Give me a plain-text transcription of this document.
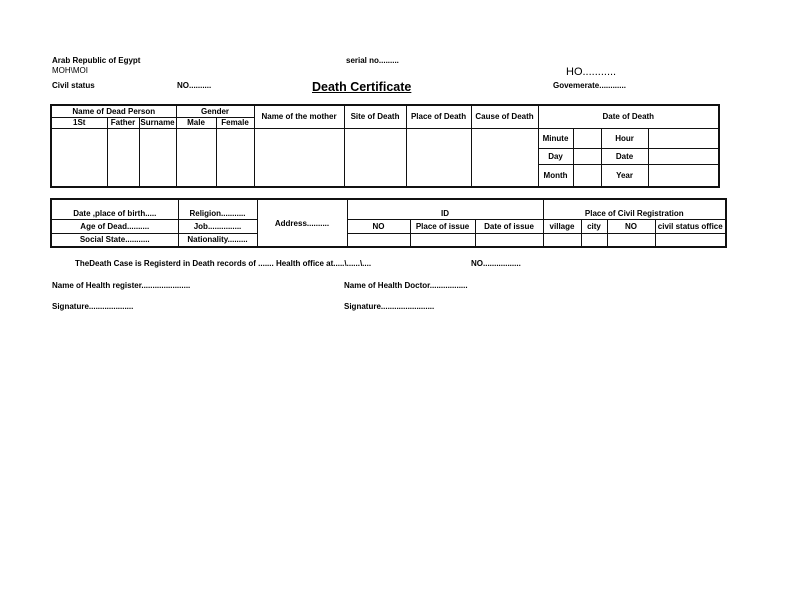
Arab Republic of Egypt
MOH\MOI
serial no.........
HO...........
Civil status	NO..........	Death Certificate	Govemerate............
Name of Dead Person			Gender		Name of the mother	Site of Death	Place of Death	Cause of Death	Date of Death			
1St	Father	Surname	Male	Female								
									Minute		Hour	
									Day		Date	
									Month		Year	
Date ,place of birth.....	Religion...........	Address..........	ID			Place of Civil Registration			
Age of Dead..........	Job...............		NO	Place of issue	Date of issue	village	city	NO	civil status office
Social State...........	Nationality.........								
TheDeath Case is Registerd in Death records of ....... Health office at.....\......\....	NO.................
Name of Health register......................	Name of Health Doctor.................
Signature....................	Signature........................
